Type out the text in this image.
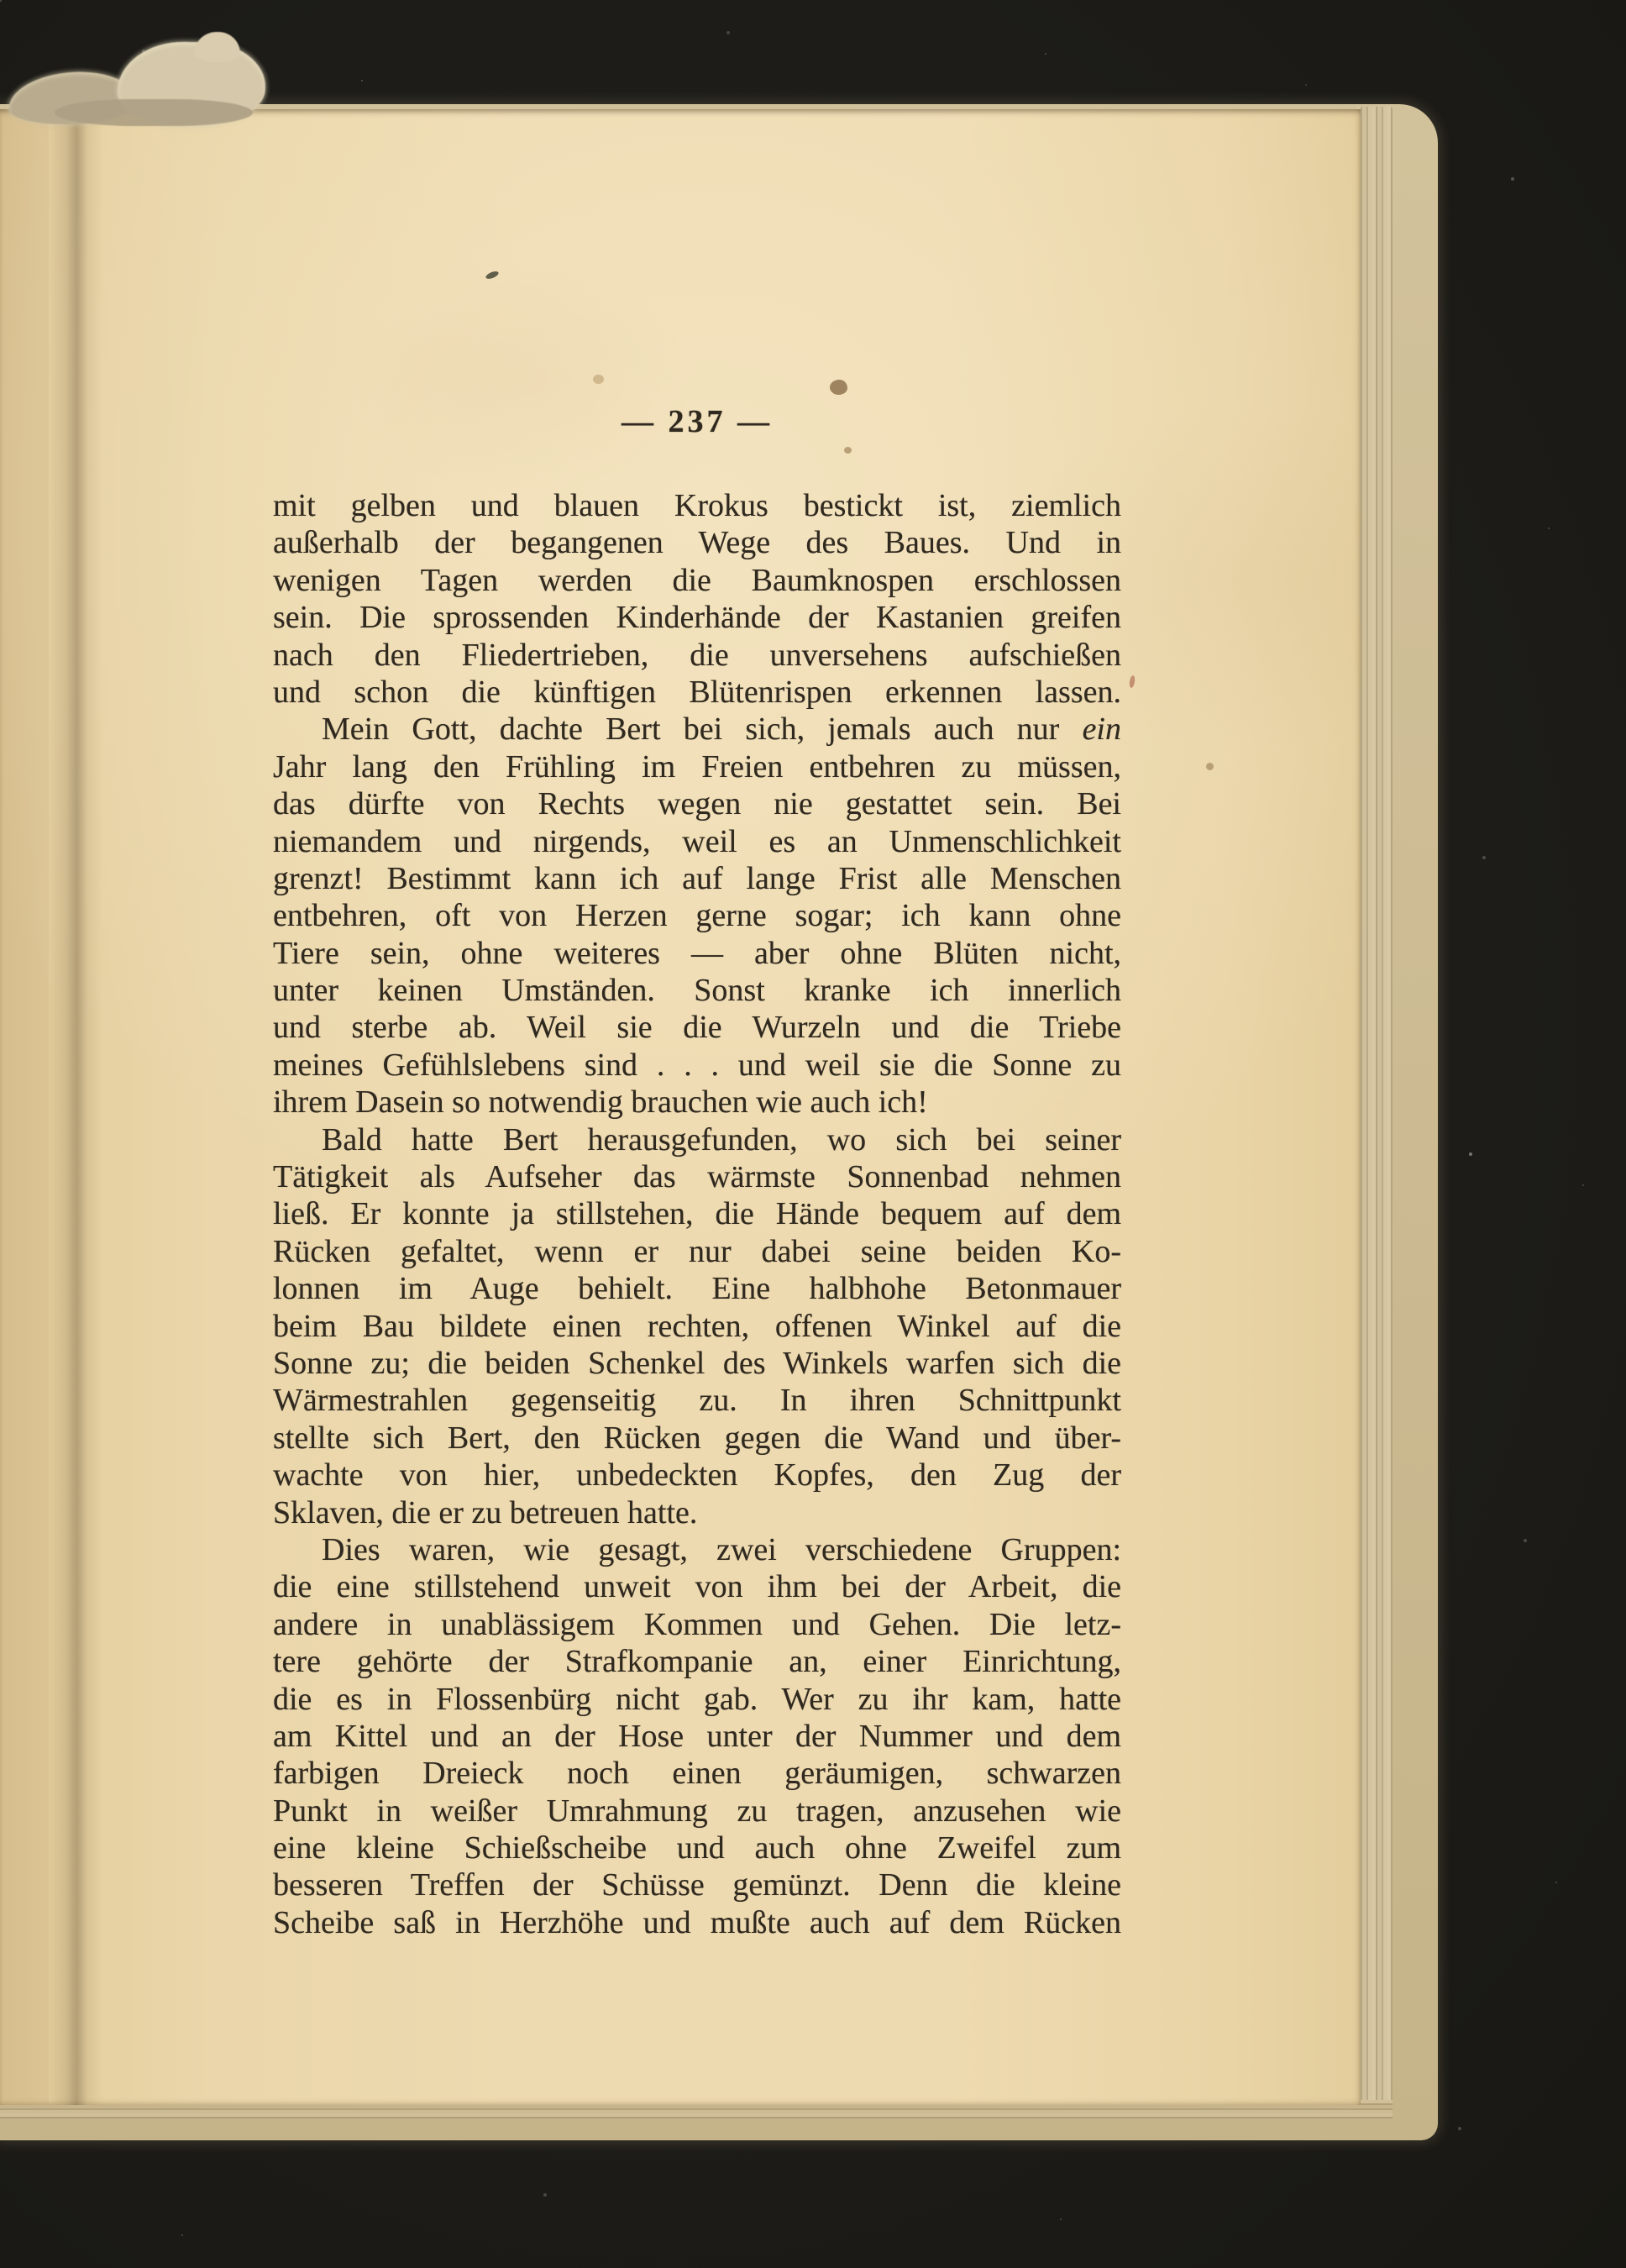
— 237 —
mit gelben und blauen Krokus bestickt ist, ziemlich
außerhalb der begangenen Wege des Baues. Und in
wenigen Tagen werden die Baumknospen erschlossen
sein. Die sprossenden Kinderhände der Kastanien greifen
nach den Fliedertrieben, die unversehens aufschießen
und schon die künftigen Blütenrispen erkennen lassen.
Mein Gott, dachte Bert bei sich, jemals auch nur ein
Jahr lang den Frühling im Freien entbehren zu müssen,
das dürfte von Rechts wegen nie gestattet sein. Bei
niemandem und nirgends, weil es an Unmenschlichkeit
grenzt! Bestimmt kann ich auf lange Frist alle Menschen
entbehren, oft von Herzen gerne sogar; ich kann ohne
Tiere sein, ohne weiteres — aber ohne Blüten nicht,
unter keinen Umständen. Sonst kranke ich innerlich
und sterbe ab. Weil sie die Wurzeln und die Triebe
meines Gefühlslebens sind . . . und weil sie die Sonne zu
ihrem Dasein so notwendig brauchen wie auch ich!
Bald hatte Bert herausgefunden, wo sich bei seiner
Tätigkeit als Aufseher das wärmste Sonnenbad nehmen
ließ. Er konnte ja stillstehen, die Hände bequem auf dem
Rücken gefaltet, wenn er nur dabei seine beiden Ko-
lonnen im Auge behielt. Eine halbhohe Betonmauer
beim Bau bildete einen rechten, offenen Winkel auf die
Sonne zu; die beiden Schenkel des Winkels warfen sich die
Wärmestrahlen gegenseitig zu. In ihren Schnittpunkt
stellte sich Bert, den Rücken gegen die Wand und über-
wachte von hier, unbedeckten Kopfes, den Zug der
Sklaven, die er zu betreuen hatte.
Dies waren, wie gesagt, zwei verschiedene Gruppen:
die eine stillstehend unweit von ihm bei der Arbeit, die
andere in unablässigem Kommen und Gehen. Die letz-
tere gehörte der Strafkompanie an, einer Einrichtung,
die es in Flossenbürg nicht gab. Wer zu ihr kam, hatte
am Kittel und an der Hose unter der Nummer und dem
farbigen Dreieck noch einen geräumigen, schwarzen
Punkt in weißer Umrahmung zu tragen, anzusehen wie
eine kleine Schießscheibe und auch ohne Zweifel zum
besseren Treffen der Schüsse gemünzt. Denn die kleine
Scheibe saß in Herzhöhe und mußte auch auf dem Rücken
